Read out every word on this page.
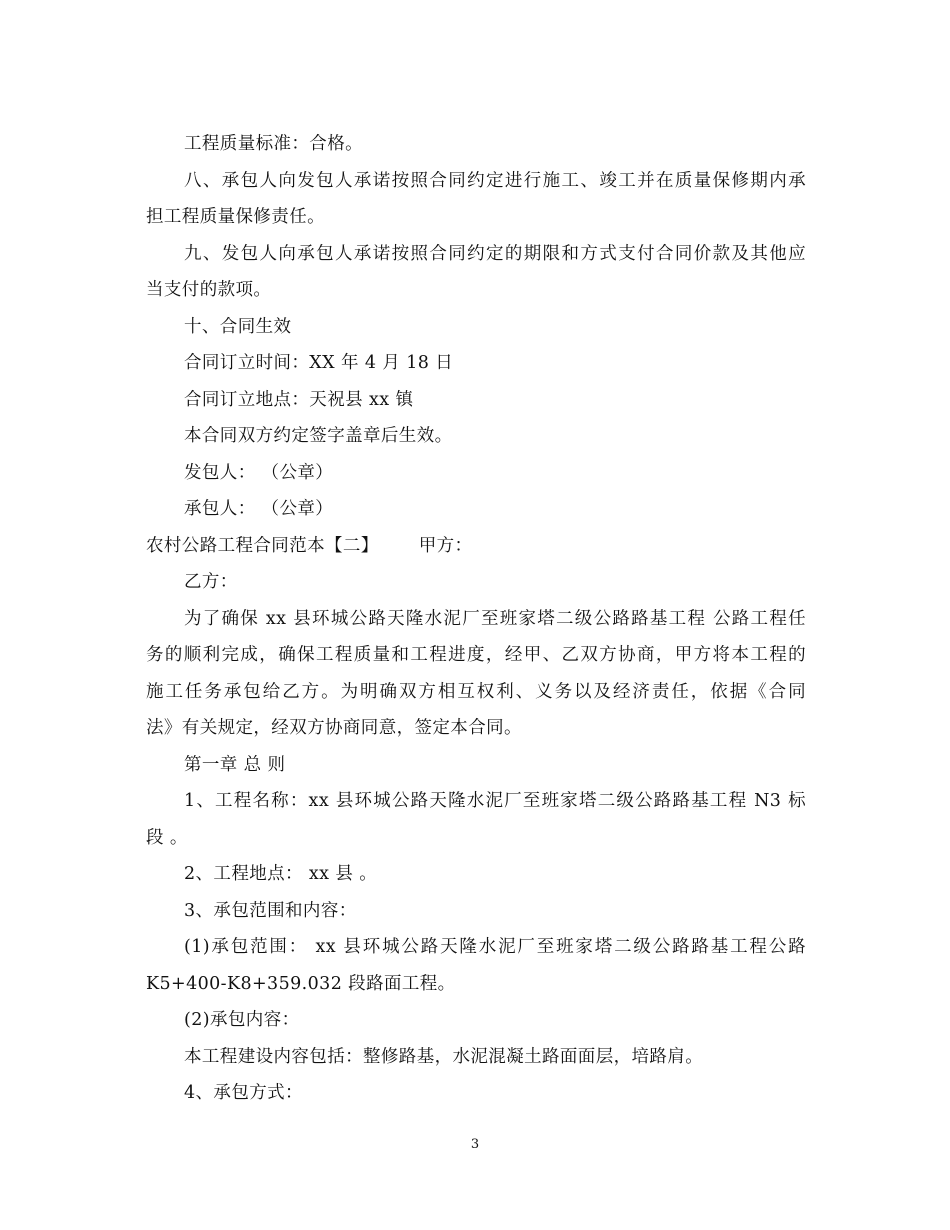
工程质量标准：合格。
八、承包人向发包人承诺按照合同约定进行施工、竣工并在质量保修期内承
担工程质量保修责任。
九、发包人向承包人承诺按照合同约定的期限和方式支付合同价款及其他应
当支付的款项。
十、合同生效
合同订立时间：XX 年 4 月 18 日
合同订立地点：天祝县 xx 镇
本合同双方约定签字盖章后生效。
发包人： （公章）
承包人： （公章）
农村公路工程合同范本【二】 甲方：
乙方：
为了确保 xx 县环城公路天隆水泥厂至班家塔二级公路路基工程 公路工程任
务的顺利完成，确保工程质量和工程进度，经甲、乙双方协商，甲方将本工程的
施工任务承包给乙方。为明确双方相互权利、义务以及经济责任，依据《合同
法》有关规定，经双方协商同意，签定本合同。
第一章 总 则
1、工程名称：xx 县环城公路天隆水泥厂至班家塔二级公路路基工程 N3 标
段 。
2、工程地点： xx 县 。
3、承包范围和内容：
(1)承包范围： xx 县环城公路天隆水泥厂至班家塔二级公路路基工程公路
K5+400-K8+359.032 段路面工程。
(2)承包内容：
本工程建设内容包括：整修路基，水泥混凝土路面面层，培路肩。
4、承包方式：
3
